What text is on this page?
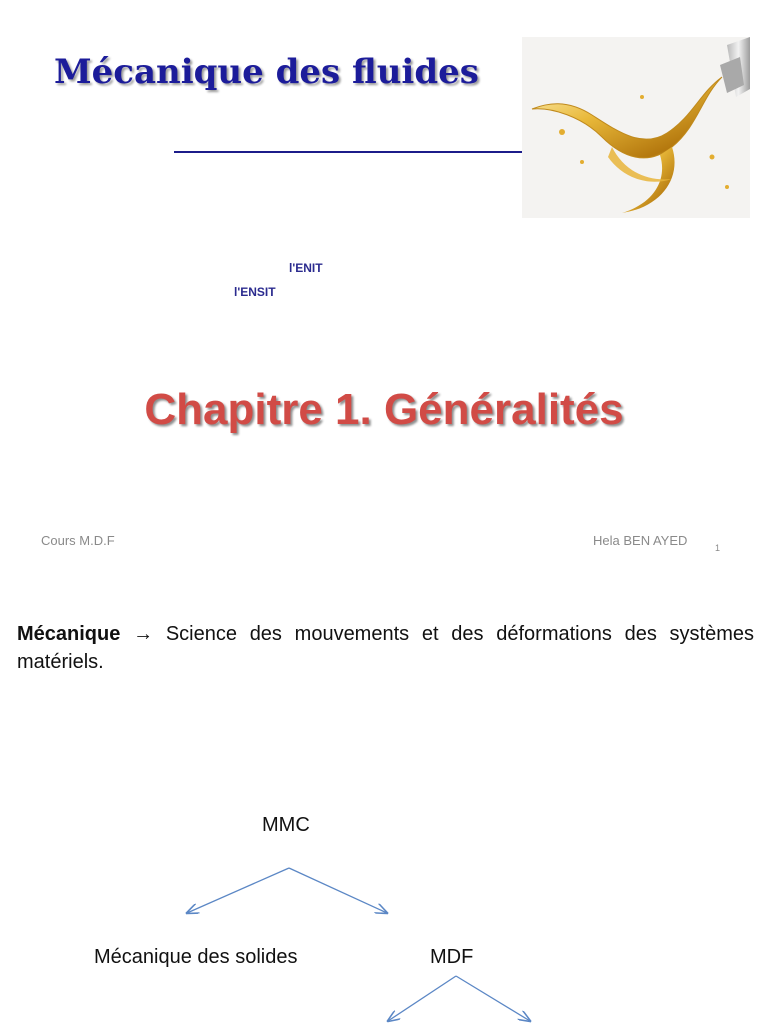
Mécanique des fluides
l'ENIT
l'ENSIT
Chapitre 1. Généralités
Cours M.D.F	Hela BEN AYED	1
Mécanique → Science des mouvements et des déformations des systèmes matériels.
MMC
Mécanique des solides	MDF
